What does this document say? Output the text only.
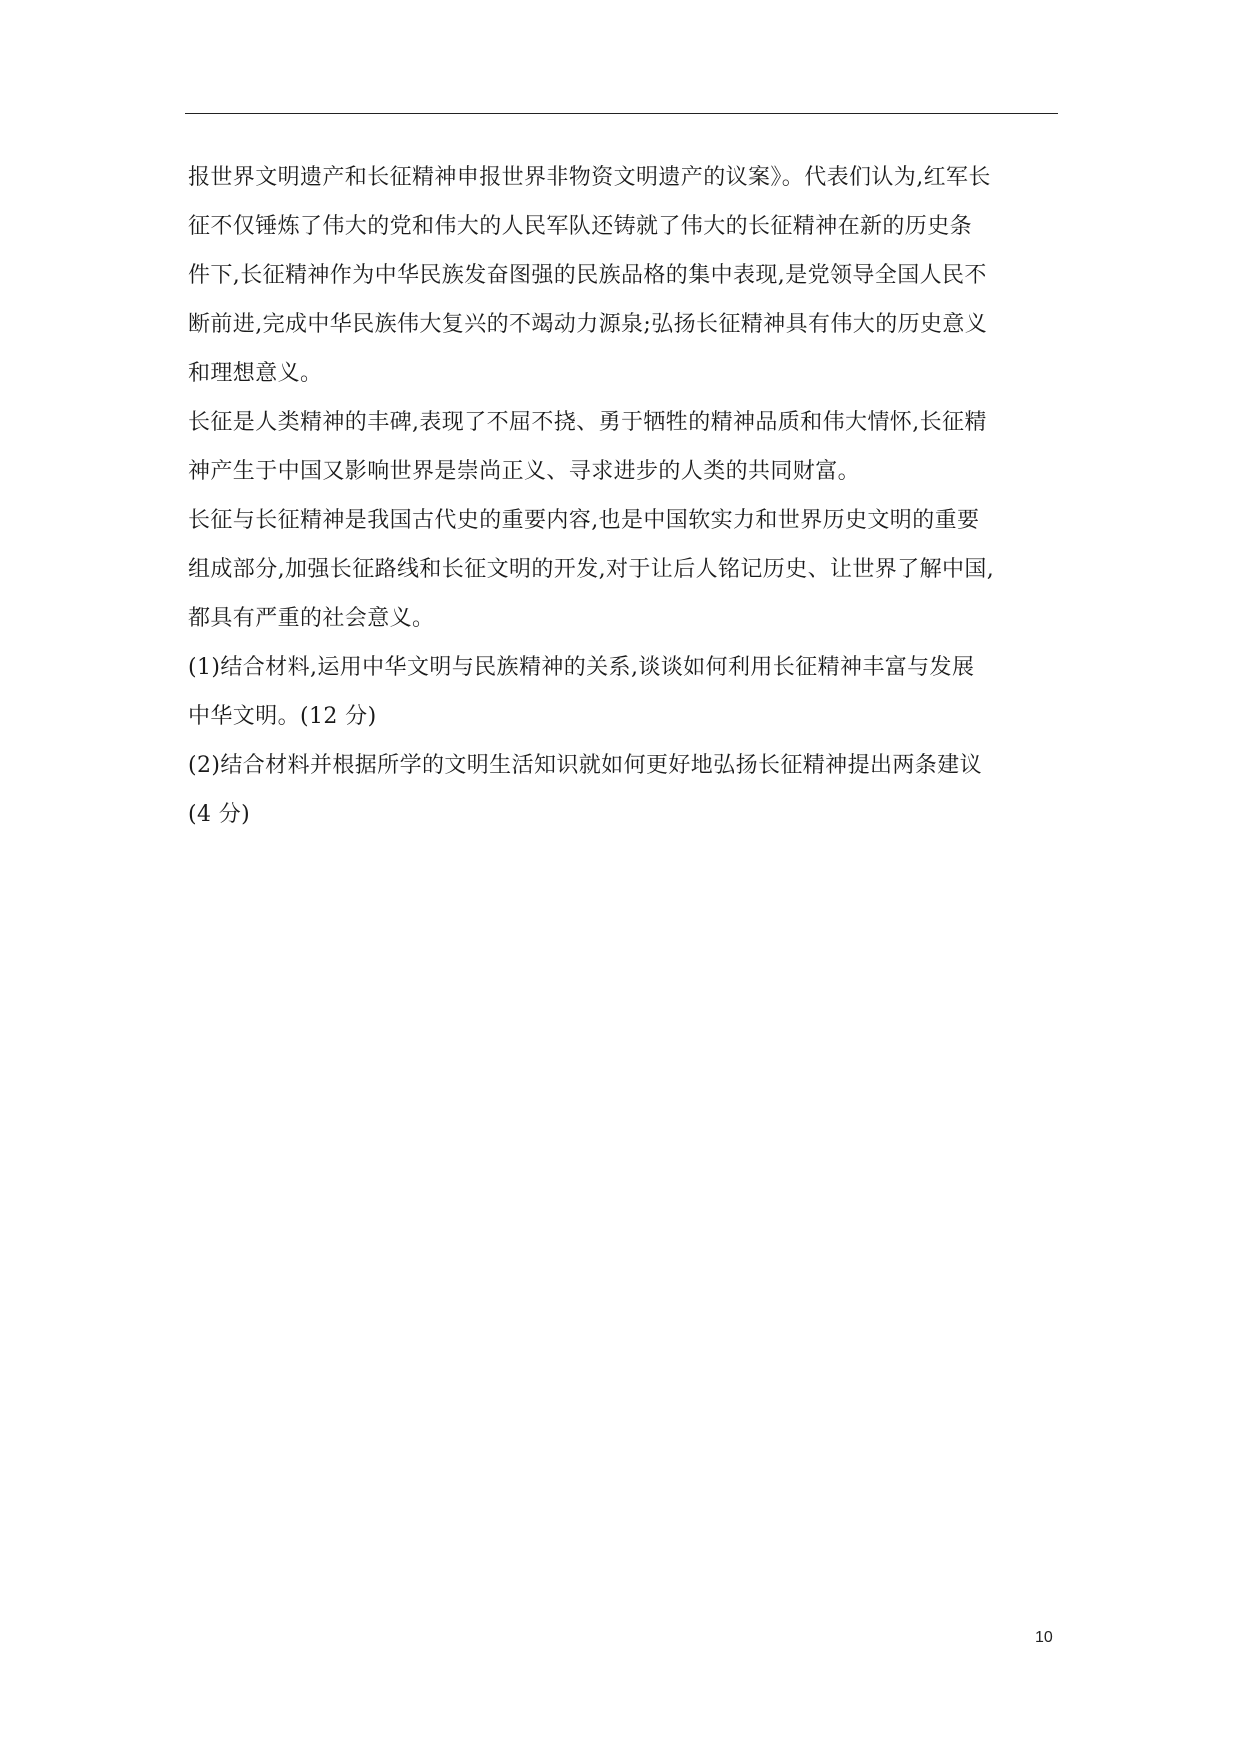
报世界文明遗产和长征精神申报世界非物资文明遗产的议案》。代表们认为,红军长
征不仅锤炼了伟大的党和伟大的人民军队还铸就了伟大的长征精神在新的历史条
件下,长征精神作为中华民族发奋图强的民族品格的集中表现,是党领导全国人民不
断前进,完成中华民族伟大复兴的不竭动力源泉;弘扬长征精神具有伟大的历史意义
和理想意义。
长征是人类精神的丰碑,表现了不屈不挠、勇于牺牲的精神品质和伟大情怀,长征精
神产生于中国又影响世界是崇尚正义、寻求进步的人类的共同财富。
长征与长征精神是我国古代史的重要内容,也是中国软实力和世界历史文明的重要
组成部分,加强长征路线和长征文明的开发,对于让后人铭记历史、让世界了解中国,
都具有严重的社会意义。
(1)结合材料,运用中华文明与民族精神的关系,谈谈如何利用长征精神丰富与发展
中华文明。(12 分)
(2)结合材料并根据所学的文明生活知识就如何更好地弘扬长征精神提出两条建议
(4 分)
10
